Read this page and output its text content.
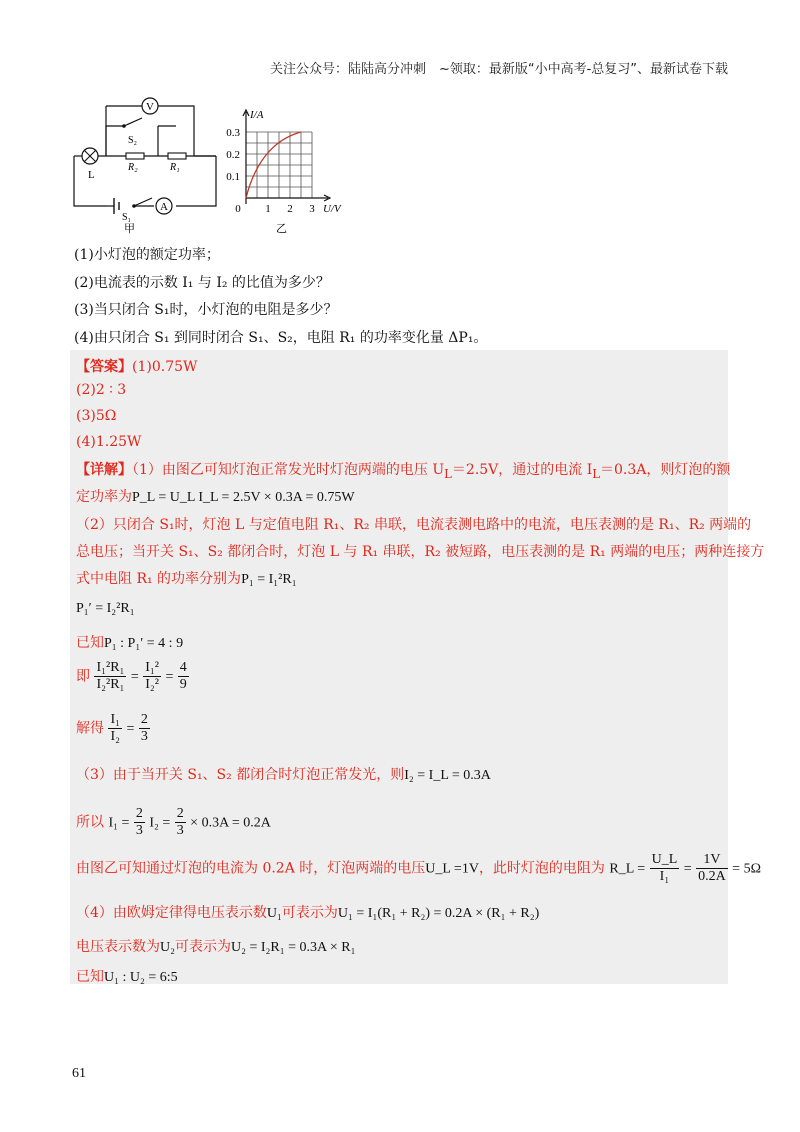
关注公众号：陆陆高分冲刺　~领取：最新版“小中高考-总复习”、最新试卷下载
V
L
S₂
R₂	R₁
S₁
A
甲
I/A
0.3
0.2
0.1
0 1 2 3 U/V
乙
(1)小灯泡的额定功率；
(2)电流表的示数 I₁ 与 I₂ 的比值为多少？
(3)当只闭合 S₁时，小灯泡的电阻是多少？
(4)由只闭合 S₁ 到同时闭合 S₁、S₂，电阻 R₁ 的功率变化量 ΔP₁。
【答案】(1)0.75W
(2)2 ∶ 3
(3)5Ω
(4)1.25W
【详解】（1）由图乙可知灯泡正常发光时灯泡两端的电压 $U_L=2.5V$，通过的电流 $I_L=0.3A$，则灯泡的额
定功率为P_L = U_L I_L = 2.5V × 0.3A = 0.75W
（2）只闭合 S₁时，灯泡 L 与定值电阻 R₁、R₂ 串联，电流表测电路中的电流，电压表测的是 R₁、R₂ 两端的
总电压；当开关 S₁、S₂ 都闭合时，灯泡 L 与 R₁ 串联，R₂ 被短路，电压表测的是 R₁ 两端的电压；两种连接方
式中电阻 R₁ 的功率分别为P₁ = I₁²R₁
P₁′ = I₂²R₁
已知P₁ : P₁′ = 4 : 9
即 $\frac{\text{I₁²R₁}}{\text{I₂²R₁}} = \frac{\text{I₁²}}{\text{I₂²}} = \frac{4}{9}$
解得 $\frac{\text{I₁}}{\text{I₂}} = \frac{2}{3}$
（3）由于当开关 S₁、S₂ 都闭合时灯泡正常发光，则I₂ = I_L = 0.3A
所以 $I_1 = \frac{2}{3} I_2 = \frac{2}{3} \times 0.3A = 0.2A$
由图乙可知通过灯泡的电流为 0.2A 时，灯泡两端的电压U_L =1V，此时灯泡的电阻为 R_L = $\frac{U\_L}{\text{I₁}} = \frac{1V}{0.2A} = 5\Omega$
（4）由欧姆定律得电压表示数U₁可表示为U₁ = I₁(R₁ + R₂) = 0.2A × (R₁ + R₂)
电压表示数为U₂可表示为U₂ = I₂R₁ = 0.3A × R₁
已知U₁ : U₂ = 6:5
61
